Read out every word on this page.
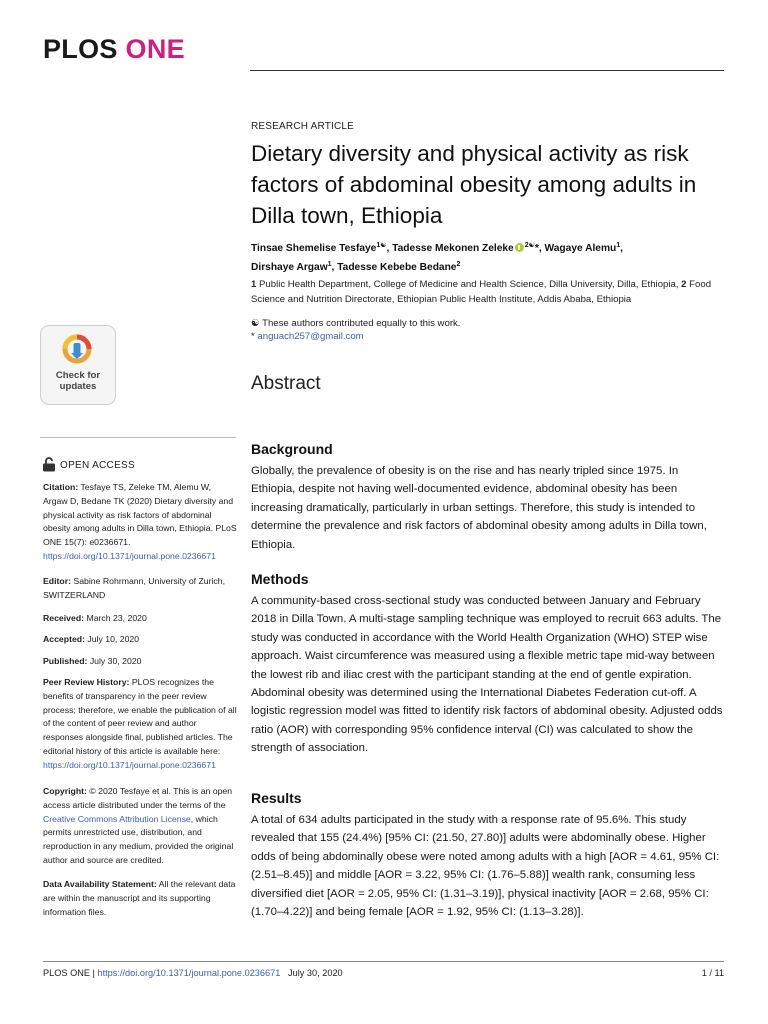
PLOS ONE
RESEARCH ARTICLE
Dietary diversity and physical activity as risk factors of abdominal obesity among adults in Dilla town, Ethiopia
Tinsae Shemelise Tesfaye$^{1☯}$, Tadesse Mekonen Zeleke $^{2☯}$*, Wagaye Alemu$^1$,
Dirshaye Argaw$^1$, Tadesse Kebebe Bedane$^2$
1 Public Health Department, College of Medicine and Health Science, Dilla University, Dilla, Ethiopia, 2 Food Science and Nutrition Directorate, Ethiopian Public Health Institute, Addis Ababa, Ethiopia
☯ These authors contributed equally to this work.
* anguach257@gmail.com
Abstract
Background
Globally, the prevalence of obesity is on the rise and has nearly tripled since 1975. In Ethiopia, despite not having well-documented evidence, abdominal obesity has been increasing dramatically, particularly in urban settings. Therefore, this study is intended to determine the prevalence and risk factors of abdominal obesity among adults in Dilla town, Ethiopia.
Methods
A community-based cross-sectional study was conducted between January and February 2018 in Dilla Town. A multi-stage sampling technique was employed to recruit 663 adults. The study was conducted in accordance with the World Health Organization (WHO) STEP wise approach. Waist circumference was measured using a flexible metric tape mid-way between the lowest rib and iliac crest with the participant standing at the end of gentle expiration. Abdominal obesity was determined using the International Diabetes Federation cut-off. A logistic regression model was fitted to identify risk factors of abdominal obesity. Adjusted odds ratio (AOR) with corresponding 95% confidence interval (CI) was calculated to show the strength of association.
Results
A total of 634 adults participated in the study with a response rate of 95.6%. This study revealed that 155 (24.4%) [95% CI: (21.50, 27.80)] adults were abdominally obese. Higher odds of being abdominally obese were noted among adults with a high [AOR = 4.61, 95% CI: (2.51–8.45)] and middle [AOR = 3.22, 95% CI: (1.76–5.88)] wealth rank, consuming less diversified diet [AOR = 2.05, 95% CI: (1.31–3.19)], physical inactivity [AOR = 2.68, 95% CI: (1.70–4.22)] and being female [AOR = 1.92, 95% CI: (1.13–3.28)].
Check for updates
OPEN ACCESS
Citation: Tesfaye TS, Zeleke TM, Alemu W, Argaw D, Bedane TK (2020) Dietary diversity and physical activity as risk factors of abdominal obesity among adults in Dilla town, Ethiopia. PLoS ONE 15(7): e0236671. https://doi.org/10.1371/journal.pone.0236671
Editor: Sabine Rohrmann, University of Zurich, SWITZERLAND
Received: March 23, 2020
Accepted: July 10, 2020
Published: July 30, 2020
Peer Review History: PLOS recognizes the benefits of transparency in the peer review process; therefore, we enable the publication of all of the content of peer review and author responses alongside final, published articles. The editorial history of this article is available here: https://doi.org/10.1371/journal.pone.0236671
Copyright: © 2020 Tesfaye et al. This is an open access article distributed under the terms of the Creative Commons Attribution License, which permits unrestricted use, distribution, and reproduction in any medium, provided the original author and source are credited.
Data Availability Statement: All the relevant data are within the manuscript and its supporting information files.
PLOS ONE | https://doi.org/10.1371/journal.pone.0236671   July 30, 2020	1 / 11
